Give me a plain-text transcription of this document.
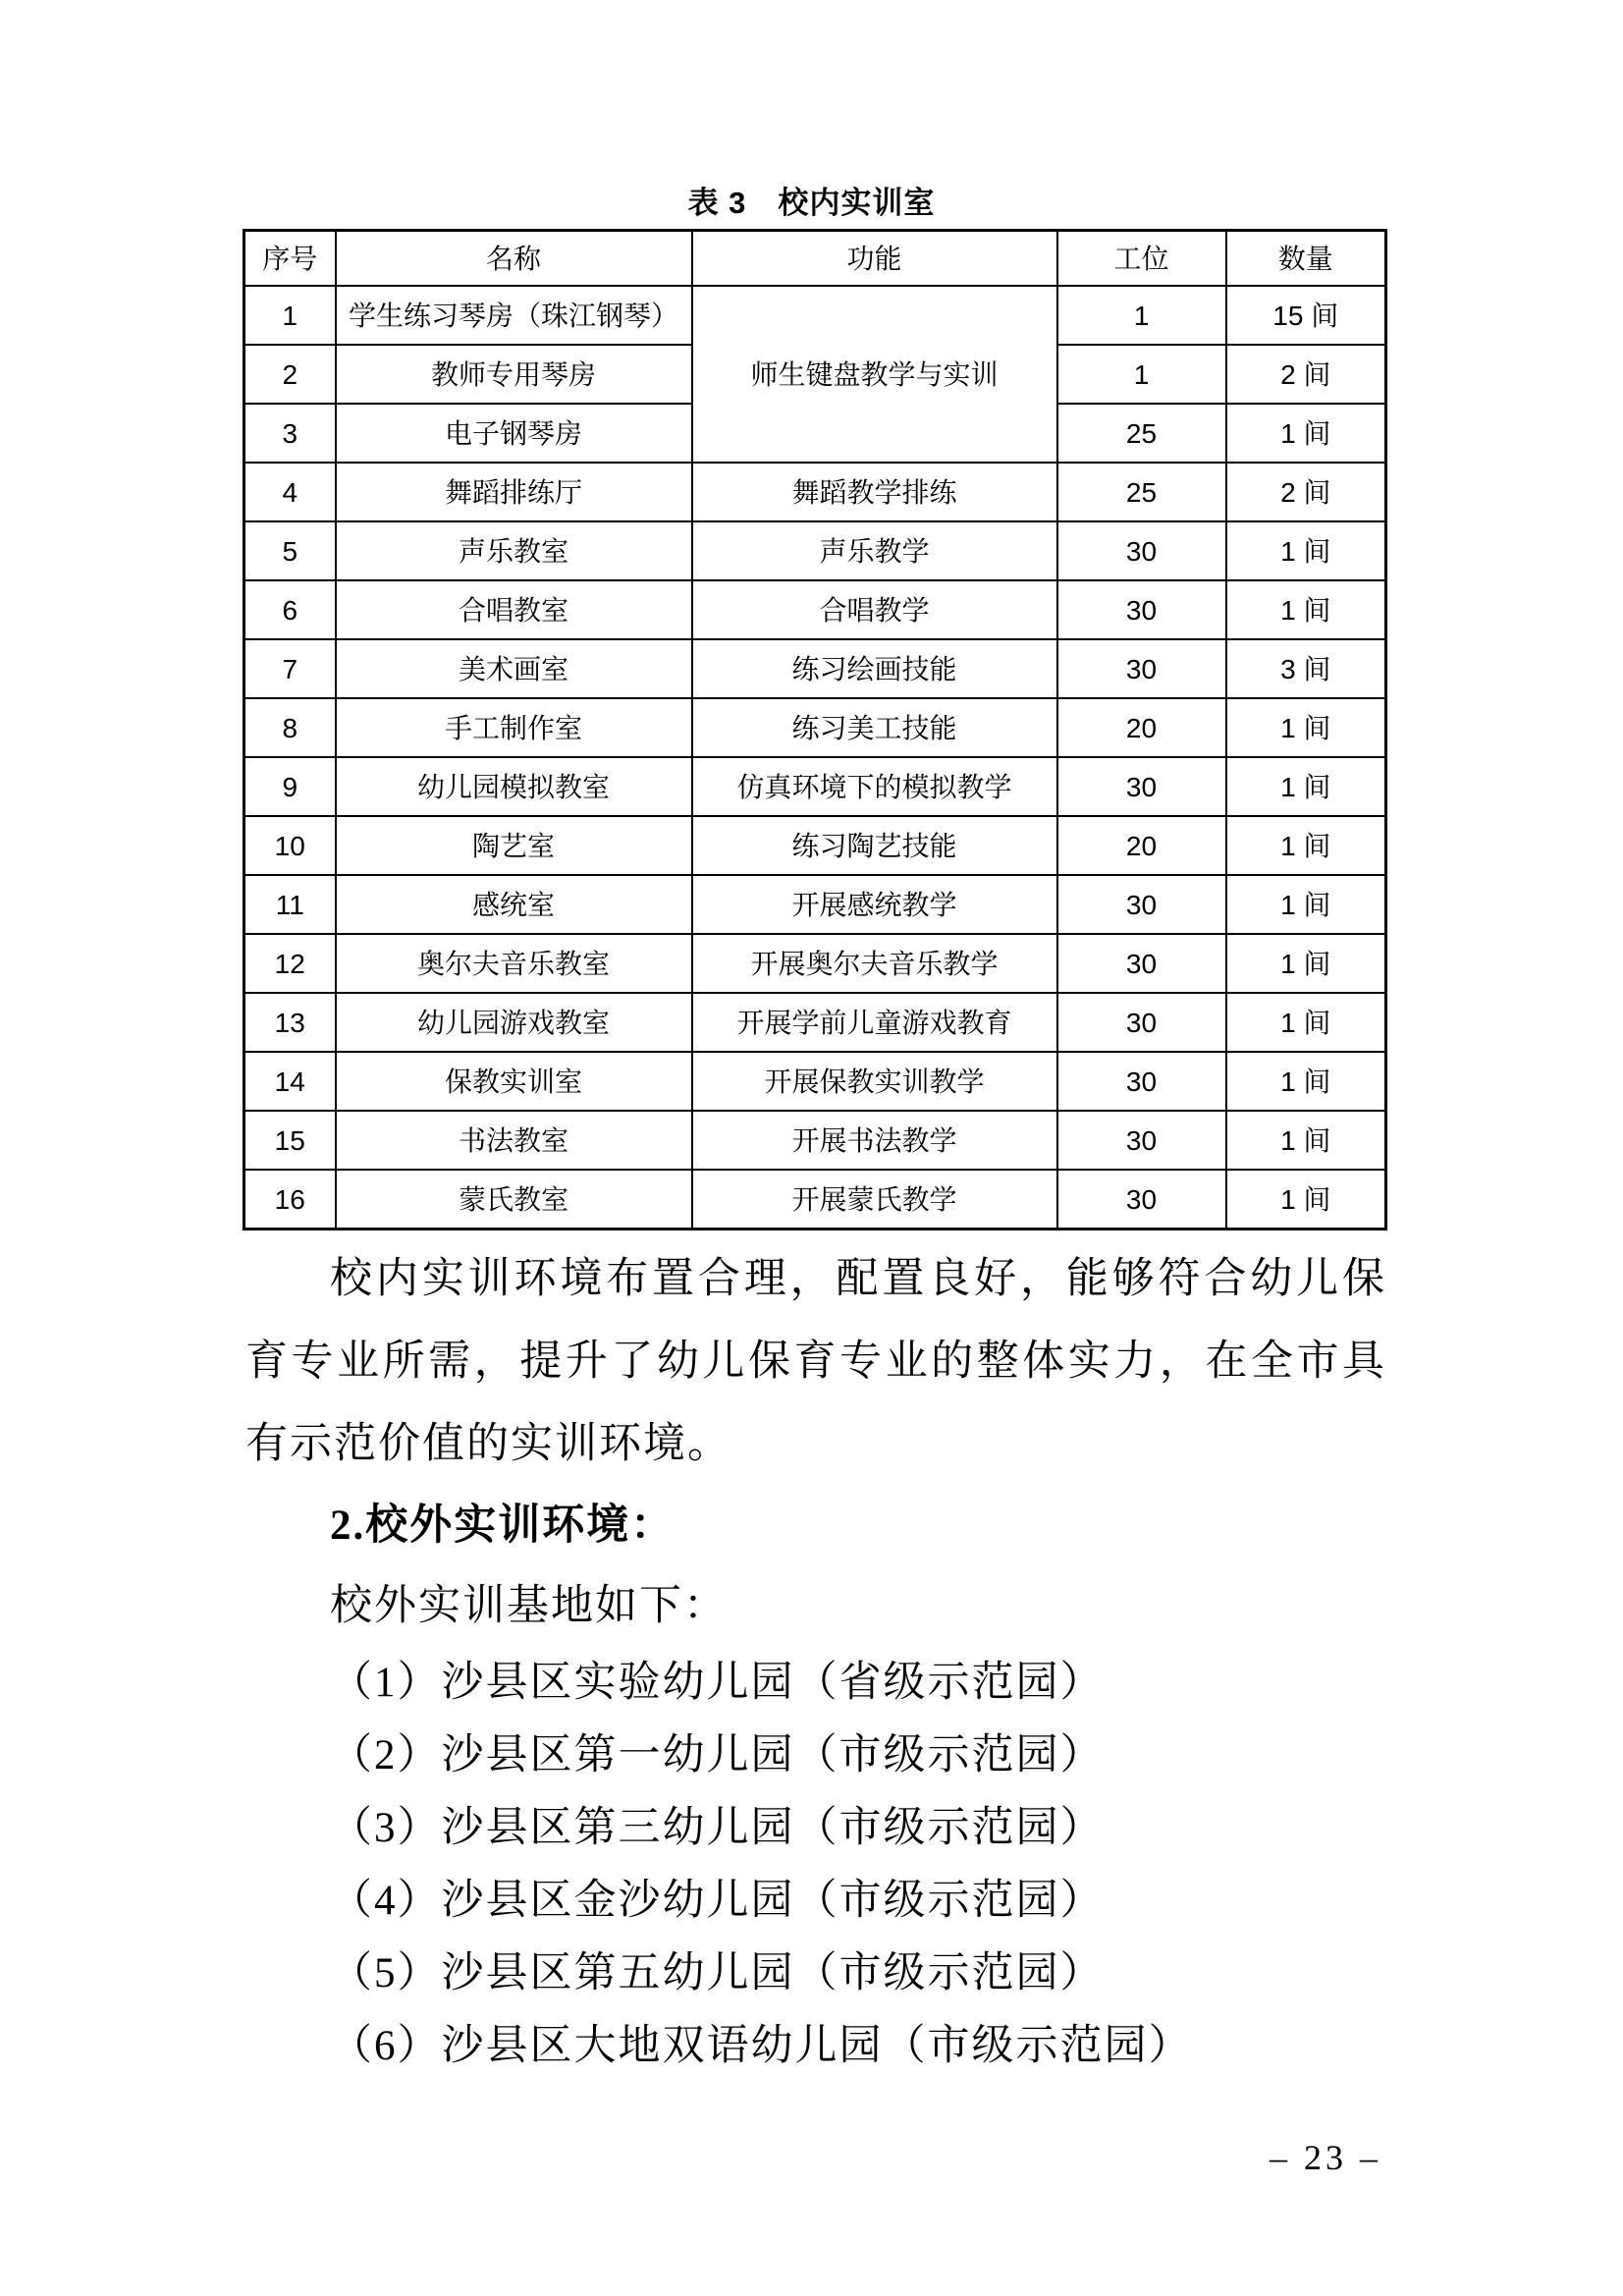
表 3　校内实训室

序号	名称	功能	工位	数量
1	学生练习琴房（珠江钢琴）	师生键盘教学与实训	1	15 间
2	教师专用琴房		1	2 间
3	电子钢琴房		25	1 间
4	舞蹈排练厅	舞蹈教学排练	25	2 间
5	声乐教室	声乐教学	30	1 间
6	合唱教室	合唱教学	30	1 间
7	美术画室	练习绘画技能	30	3 间
8	手工制作室	练习美工技能	20	1 间
9	幼儿园模拟教室	仿真环境下的模拟教学	30	1 间
10	陶艺室	练习陶艺技能	20	1 间
11	感统室	开展感统教学	30	1 间
12	奥尔夫音乐教室	开展奥尔夫音乐教学	30	1 间
13	幼儿园游戏教室	开展学前儿童游戏教育	30	1 间
14	保教实训室	开展保教实训教学	30	1 间
15	书法教室	开展书法教学	30	1 间
16	蒙氏教室	开展蒙氏教学	30	1 间

校内实训环境布置合理，配置良好，能够符合幼儿保育专业所需，提升了幼儿保育专业的整体实力，在全市具有示范价值的实训环境。

2.校外实训环境：

校外实训基地如下：

（1）沙县区实验幼儿园（省级示范园）
（2）沙县区第一幼儿园（市级示范园）
（3）沙县区第三幼儿园（市级示范园）
（4）沙县区金沙幼儿园（市级示范园）
（5）沙县区第五幼儿园（市级示范园）
（6）沙县区大地双语幼儿园（市级示范园）
– 23 –
